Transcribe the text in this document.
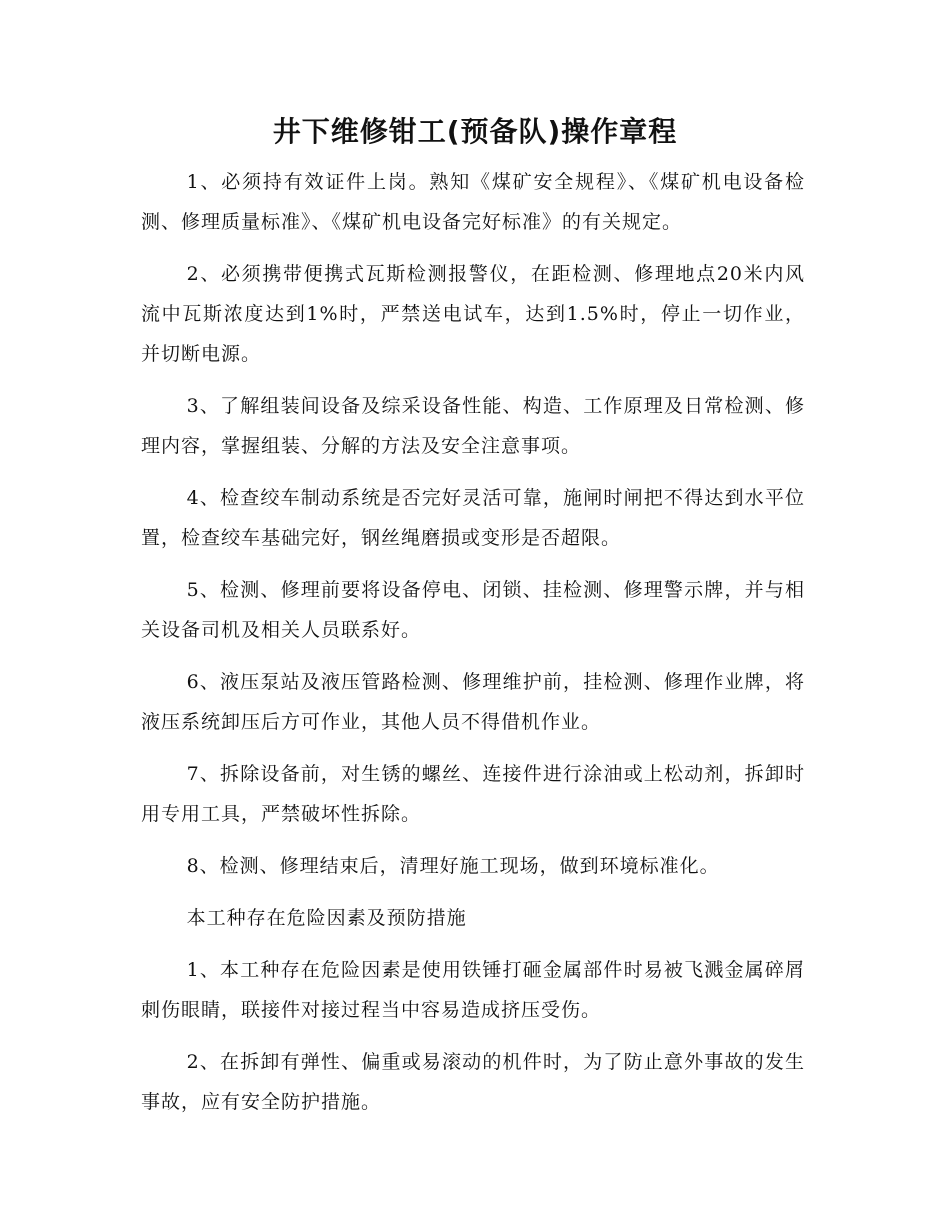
井下维修钳工(预备队)操作章程

1、必须持有效证件上岗。熟知《煤矿安全规程》、《煤矿机电设备检测、修理质量标准》、《煤矿机电设备完好标准》的有关规定。

2、必须携带便携式瓦斯检测报警仪，在距检测、修理地点20米内风流中瓦斯浓度达到1%时，严禁送电试车，达到1.5%时，停止一切作业，并切断电源。

3、了解组装间设备及综采设备性能、构造、工作原理及日常检测、修理内容，掌握组装、分解的方法及安全注意事项。

4、检查绞车制动系统是否完好灵活可靠，施闸时闸把不得达到水平位置，检查绞车基础完好，钢丝绳磨损或变形是否超限。

5、检测、修理前要将设备停电、闭锁、挂检测、修理警示牌，并与相关设备司机及相关人员联系好。

6、液压泵站及液压管路检测、修理维护前，挂检测、修理作业牌，将液压系统卸压后方可作业，其他人员不得借机作业。

7、拆除设备前，对生锈的螺丝、连接件进行涂油或上松动剂，拆卸时用专用工具，严禁破坏性拆除。

8、检测、修理结束后，清理好施工现场，做到环境标准化。

本工种存在危险因素及预防措施

1、本工种存在危险因素是使用铁锤打砸金属部件时易被飞溅金属碎屑刺伤眼睛，联接件对接过程当中容易造成挤压受伤。

2、在拆卸有弹性、偏重或易滚动的机件时，为了防止意外事故的发生事故，应有安全防护措施。
